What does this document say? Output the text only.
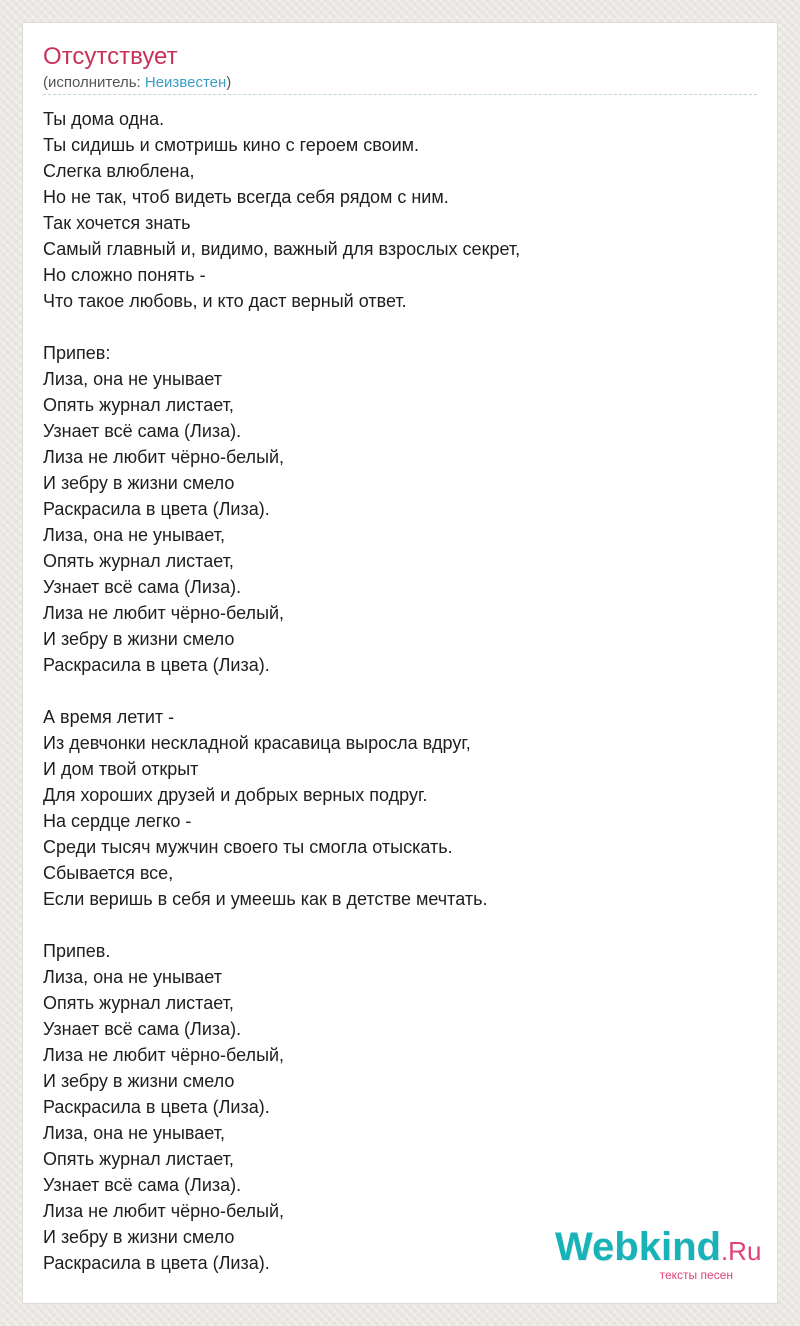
Отсутствует
(исполнитель: Неизвестен)
Ты дома одна.
Ты сидишь и смотришь кино с героем своим.
Слегка влюблена,
Но не так, чтоб видеть всегда себя рядом с ним.
Так хочется знать
Самый главный и, видимо, важный для взрослых секрет,
Но сложно понять -
Что такое любовь, и кто даст верный ответ.
Припев:
Лиза, она не унывает
Опять журнал листает,
Узнает всё сама (Лиза).
Лиза не любит чёрно-белый,
И зебру в жизни смело
Раскрасила в цвета (Лиза).
Лиза, она не унывает,
Опять журнал листает,
Узнает всё сама (Лиза).
Лиза не любит чёрно-белый,
И зебру в жизни смело
Раскрасила в цвета (Лиза).
А время летит -
Из девчонки нескладной красавица выросла вдруг,
И дом твой открыт
Для хороших друзей и добрых верных подруг.
На сердце легко -
Среди тысяч мужчин своего ты смогла отыскать.
Сбывается все,
Если веришь в себя и умеешь как в детстве мечтать.
Припев.
Лиза, она не унывает
Опять журнал листает,
Узнает всё сама (Лиза).
Лиза не любит чёрно-белый,
И зебру в жизни смело
Раскрасила в цвета (Лиза).
Лиза, она не унывает,
Опять журнал листает,
Узнает всё сама (Лиза).
Лиза не любит чёрно-белый,
И зебру в жизни смело
Раскрасила в цвета (Лиза).	Webkind.Ru
тексты песен
